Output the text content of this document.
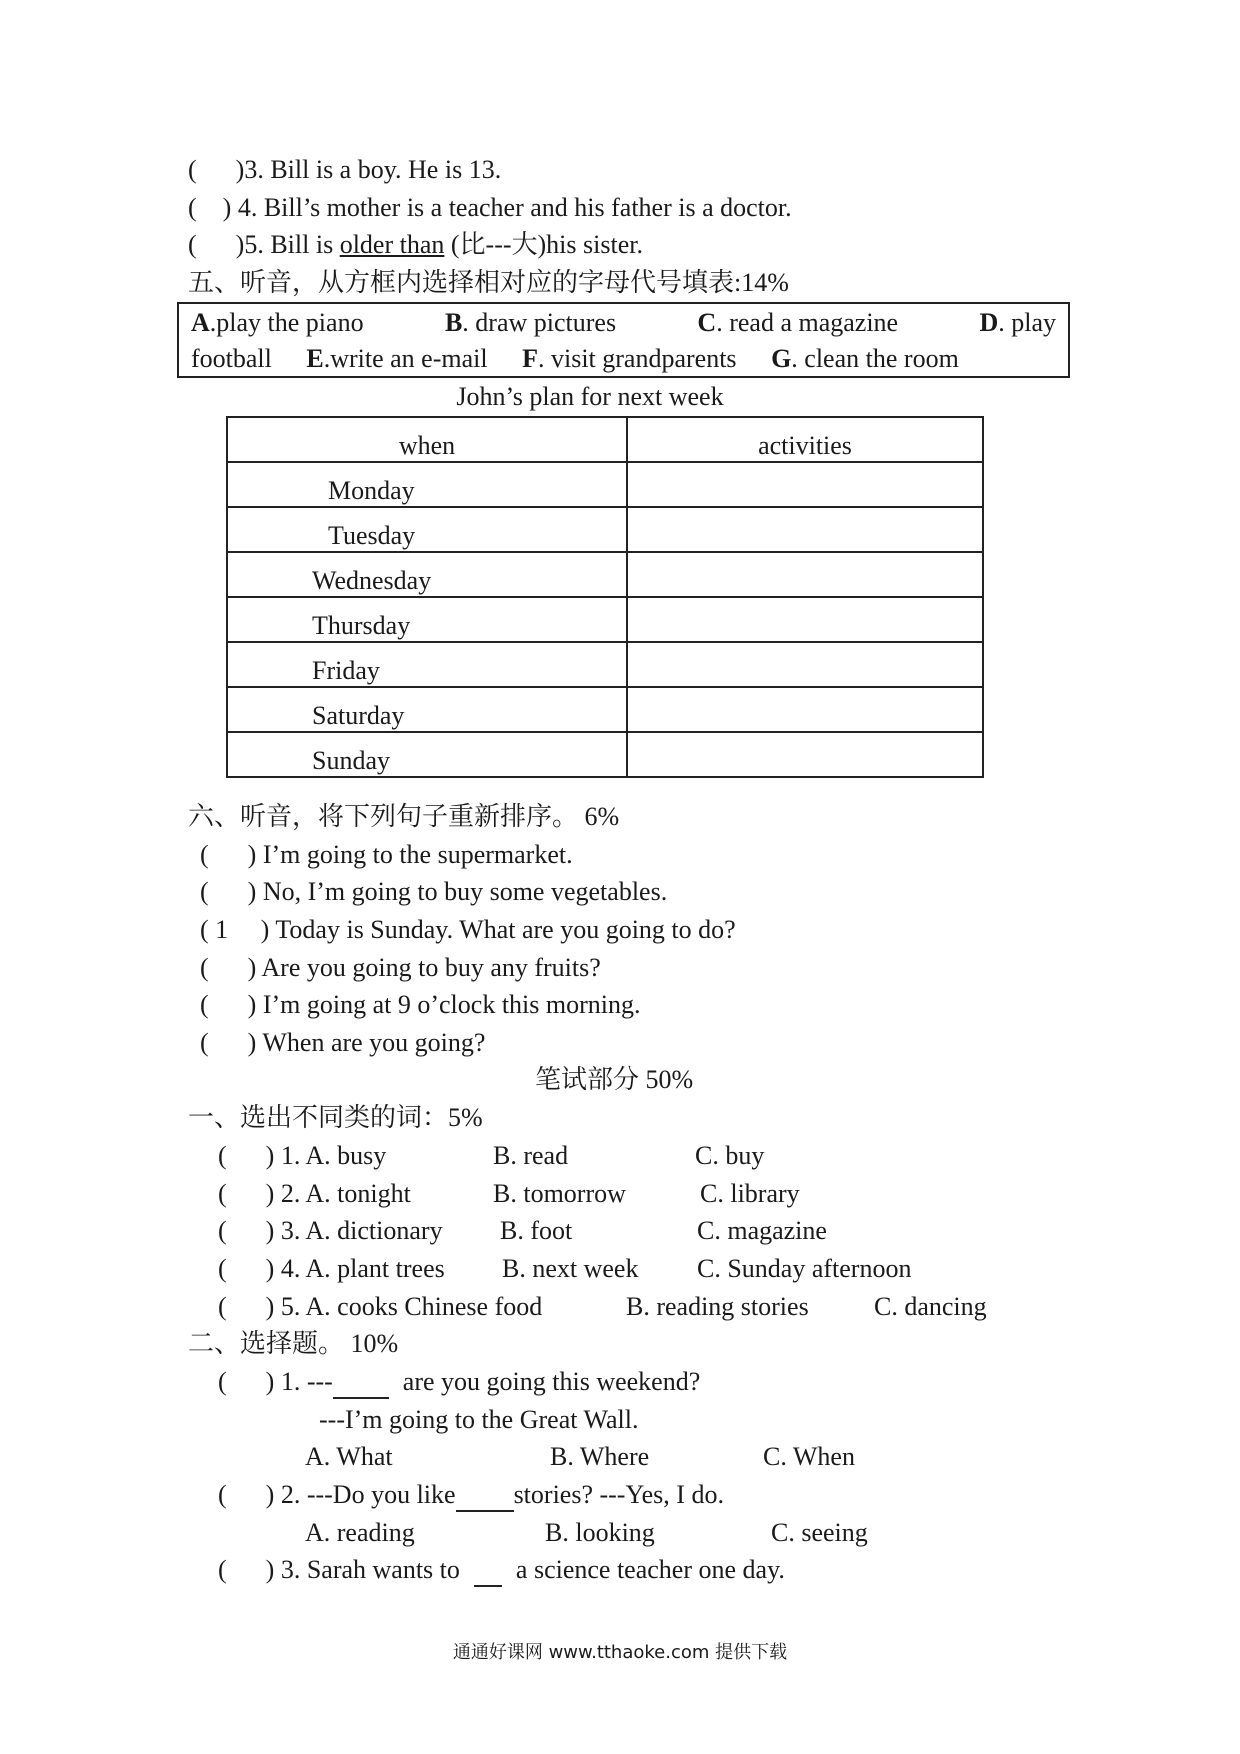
(      )3. Bill is a boy. He is 13.
(    ) 4. Bill’s mother is a teacher and his father is a doctor.
(      )5. Bill is older than (比---大)his sister.
五、听音，从方框内选择相对应的字母代号填表:14%
A.play the piano	B. draw pictures	C. read a magazine	D. play
football E.write an e-mail F. visit grandparents G. clean the room
John’s plan for next week
when	activities
Monday	
Tuesday	
Wednesday	
Thursday	
Friday	
Saturday	
Sunday	
六、听音，将下列句子重新排序。 6%
(      ) I’m going to the supermarket.
(      ) No, I’m going to buy some vegetables.
( 1     ) Today is Sunday. What are you going to do?
(      ) Are you going to buy any fruits?
(      ) I’m going at 9 o’clock this morning.
(      ) When are you going?
笔试部分 50%
一、选出不同类的词：5%
(      ) 1. A. busy	B. read	C. buy
(      ) 2. A. tonight	B. tomorrow	C. library
(      ) 3. A. dictionary B. foot	C. magazine
(      ) 4. A. plant trees B. next week C. Sunday afternoon
(      ) 5. A. cooks Chinese food	B. reading stories	C. dancing
二、选择题。 10%
(      ) 1. ---	are you going this weekend?
---I’m going to the Great Wall.
A. What	B. Where	C. When
(      ) 2. ---Do you like stories? ---Yes, I do.
A. reading	B. looking	C. seeing
(      ) 3. Sarah wants to a science teacher one day.
通通好课网 www.tthaoke.com 提供下载
